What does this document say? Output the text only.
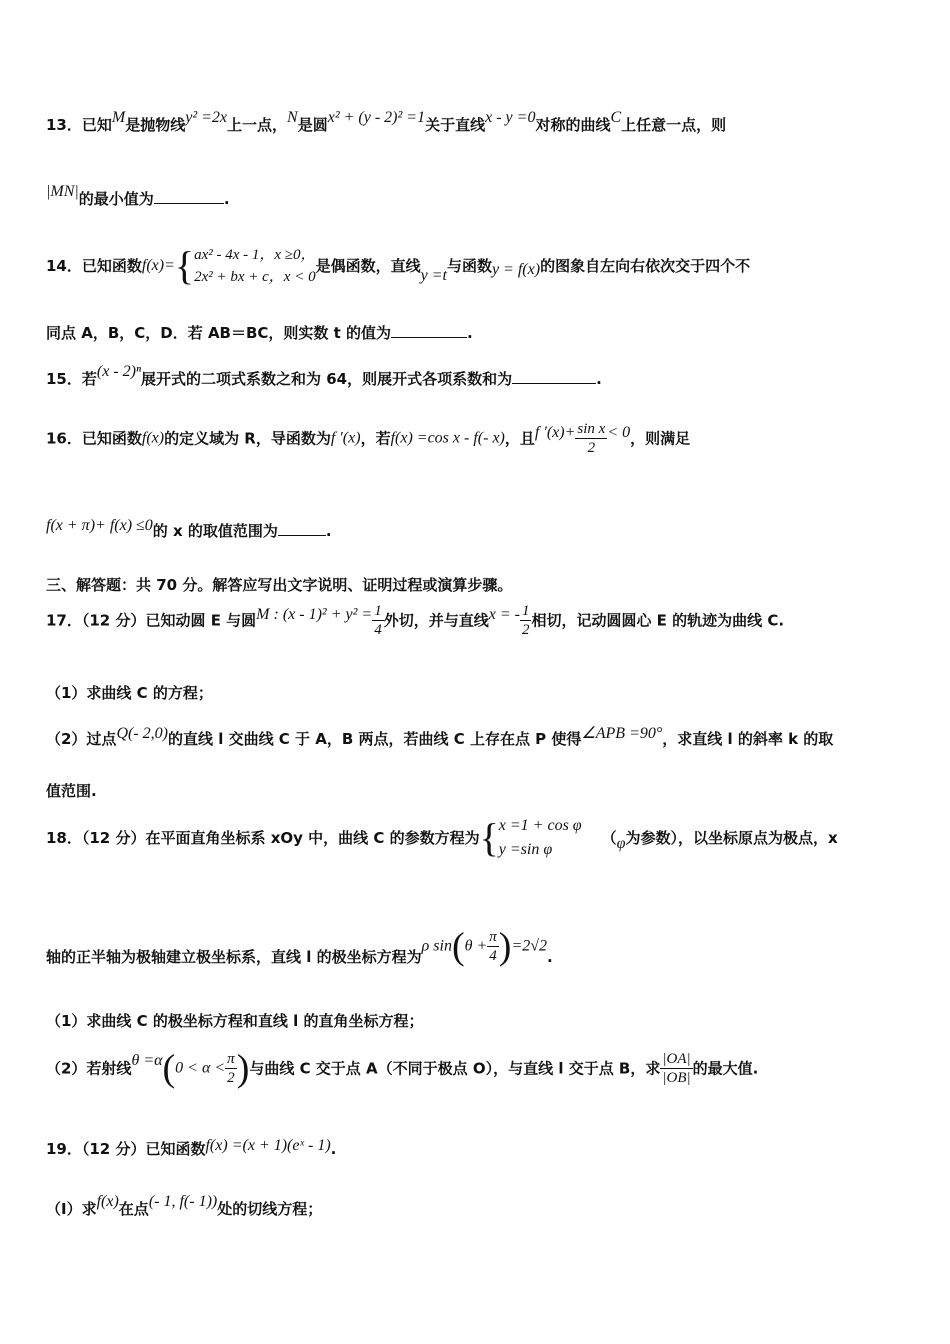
13．已知M是抛物线y² =2x上一点，N是圆x² + (y - 2)² =1关于直线x - y =0对称的曲线C上任意一点，则
|MN|的最小值为	.
14．已知函数f(x)={ ax² - 4x - 1，x ≥0，
2x² + bx + c，x < 0
是偶函数，直线y =t与函数y = f(x)的图象自左向右依次交于四个不
同点 A，B，C，D．若 AB＝BC，则实数 t 的值为	.
15．若(x - 2)ⁿ展开式的二项式系数之和为 64，则展开式各项系数和为	.
16．已知函数f(x)的定义域为 R，导函数为f ′(x)，若f(x) =cos x - f(- x)，且f $'(x)+ \frac{\text{sin x}}{2} < 0$，则满足
f(x + π)+ f(x) ≤0的 x 的取值范围为	.
三、解答题：共 70 分。解答应写出文字说明、证明过程或演算步骤。
17．（12 分）已知动圆 E 与圆M : $(x - 1)^2 + y^2 = \frac{1}{4}$ 外切，并与直线x = - $\frac{1}{2}$ 相切，记动圆圆心 E 的轨迹为曲线 C.
（1）求曲线 C 的方程；
（2）过点Q(- 2,0)的直线 l 交曲线 C 于 A，B 两点，若曲线 C 上存在点 P 使得∠APB =90°，求直线 l 的斜率 k 的取
值范围.
18．（12 分）在平面直角坐标系 xOy 中，曲线 C 的参数方程为{ x =1 + cos φ
y =sin φ
（φ为参数），以坐标原点为极点，x
轴的正半轴为极轴建立极坐标系，直线 l 的极坐标方程为ρ $\sin(\theta + \frac{\pi}{4} )=2√2$.
（1）求曲线 C 的极坐标方程和直线 l 的直角坐标方程；
（2）若射线$\theta =\alpha(0 < \alpha < \frac{\pi}{2}$ )与曲线 C 交于点 A（不同于极点 O），与直线 l 交于点 B，求 $\frac{|OA|}{|OB|}$ 的最大值.
19．（12 分）已知函数f(x) =(x + 1)(eˣ - 1).
（Ⅰ）求f(x)在点(- 1, f(- 1))处的切线方程；
